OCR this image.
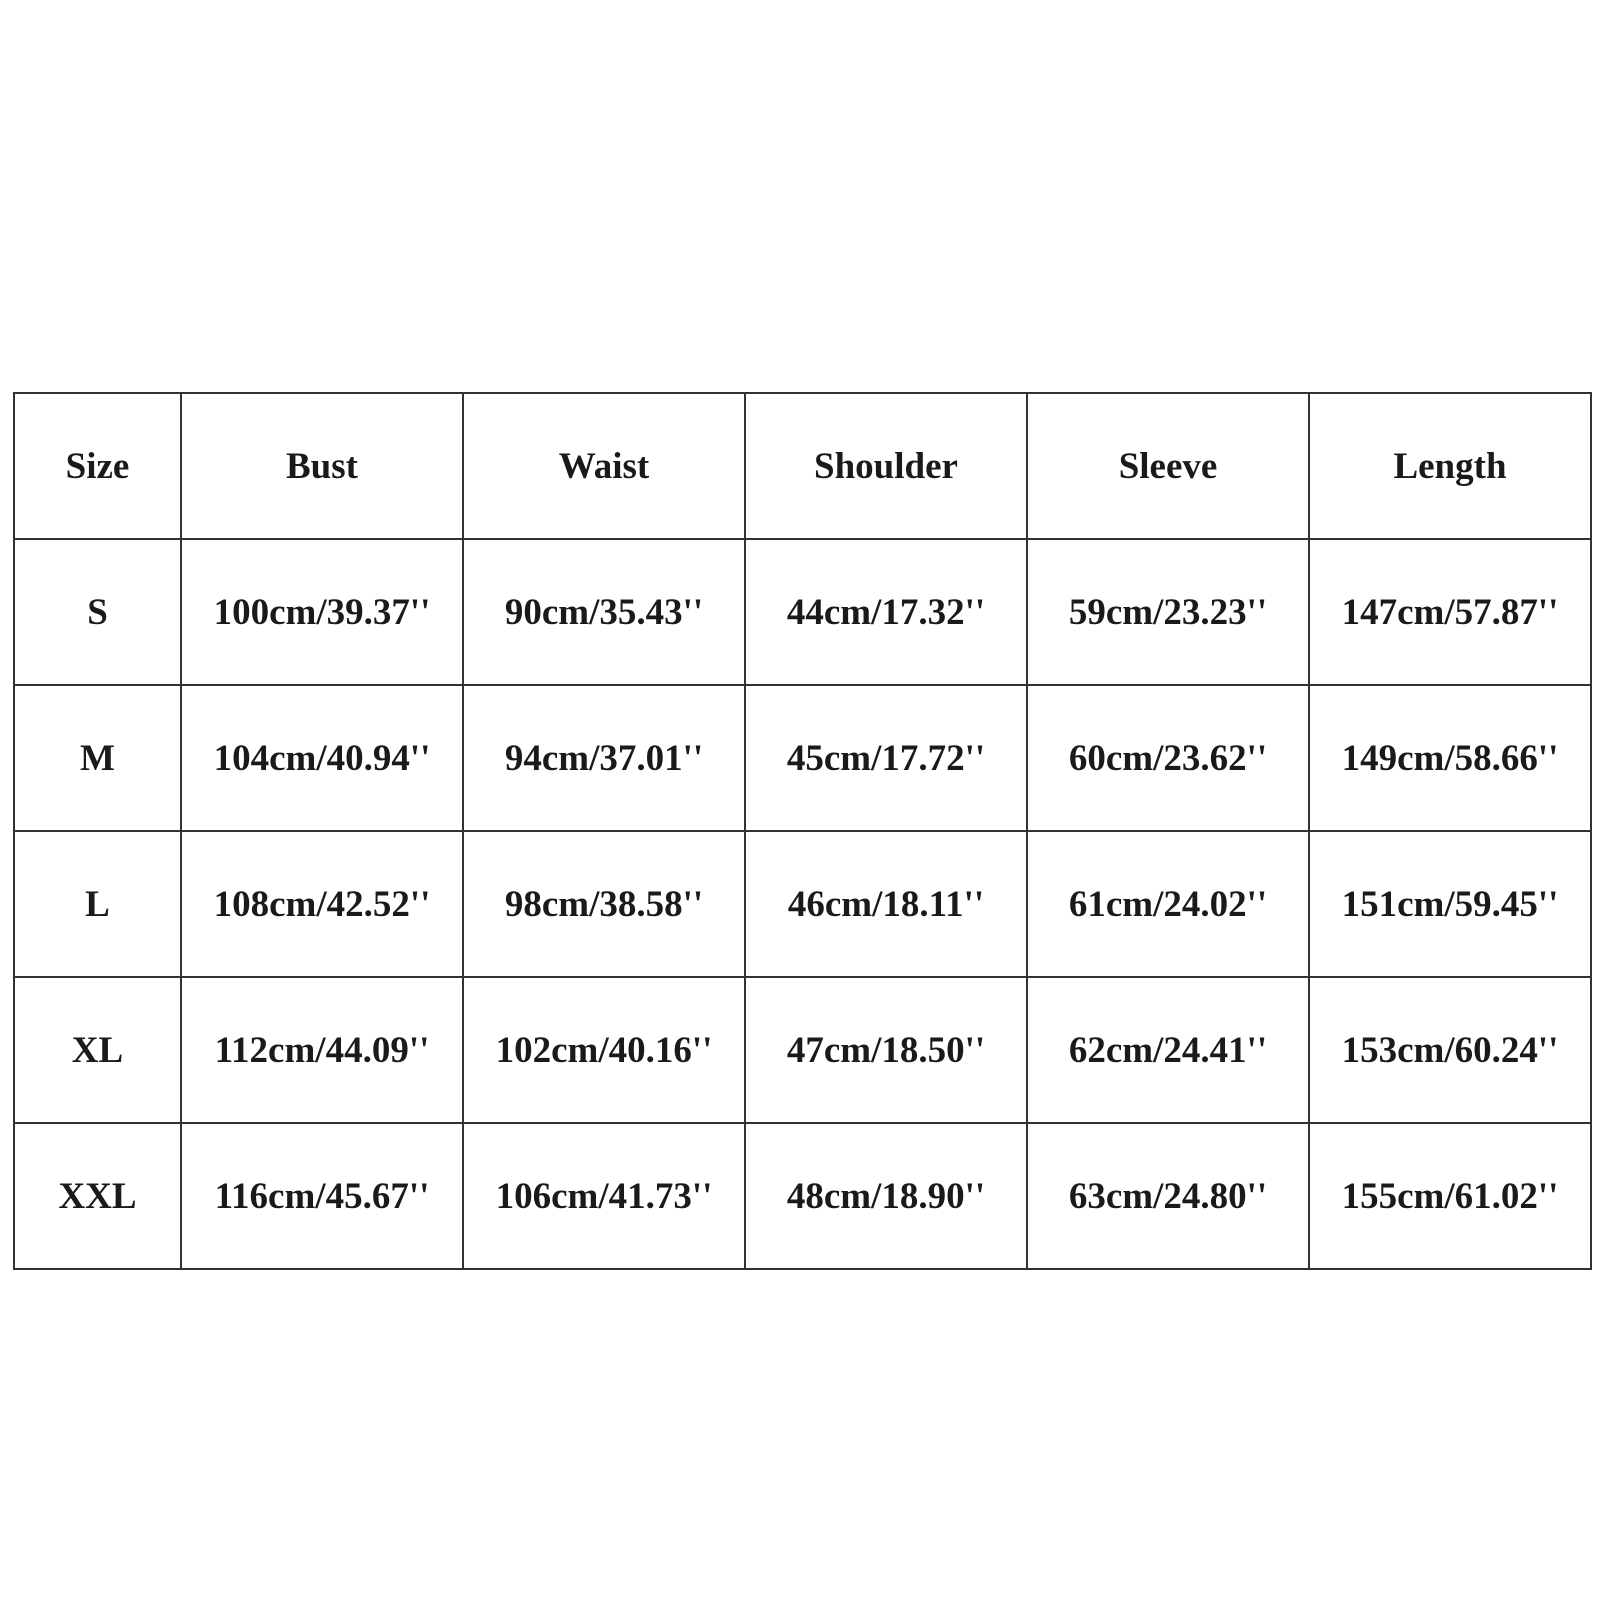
Size	Bust	Waist	Shoulder	Sleeve	Length
S	100cm/39.37''	90cm/35.43''	44cm/17.32''	59cm/23.23''	147cm/57.87''
M	104cm/40.94''	94cm/37.01''	45cm/17.72''	60cm/23.62''	149cm/58.66''
L	108cm/42.52''	98cm/38.58''	46cm/18.11''	61cm/24.02''	151cm/59.45''
XL	112cm/44.09''	102cm/40.16''	47cm/18.50''	62cm/24.41''	153cm/60.24''
XXL	116cm/45.67''	106cm/41.73''	48cm/18.90''	63cm/24.80''	155cm/61.02''
